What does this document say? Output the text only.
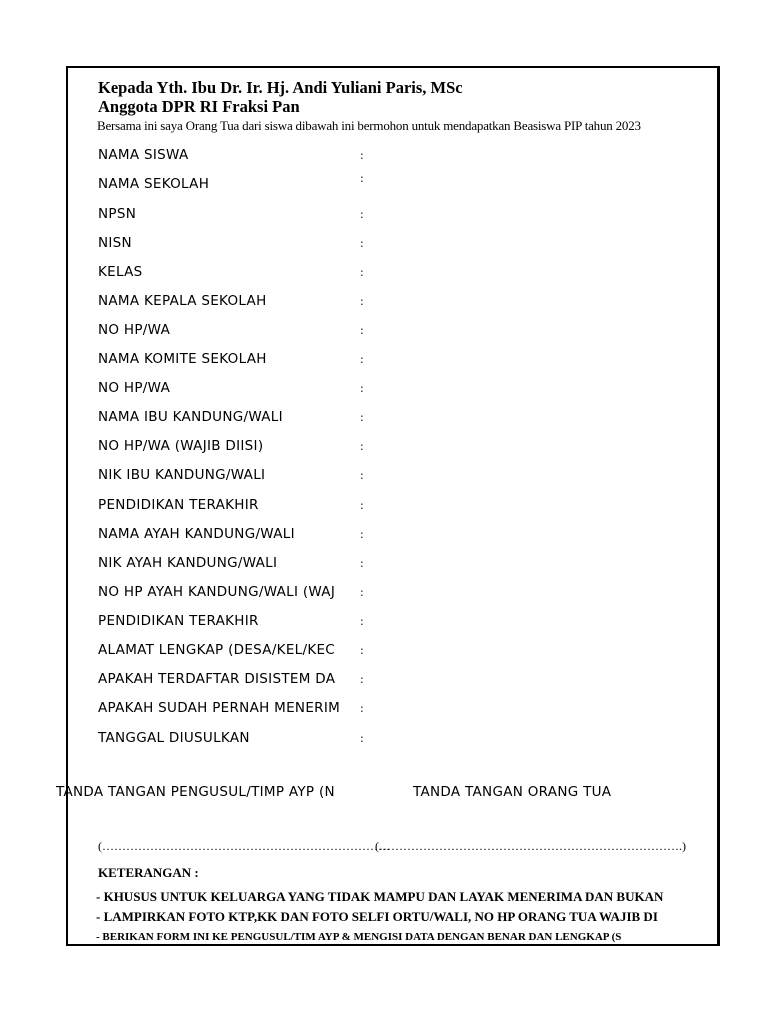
Kepada Yth. Ibu Dr. Ir. Hj. Andi Yuliani Paris, MSc
Anggota DPR RI Fraksi Pan
Bersama ini saya Orang Tua dari siswa dibawah ini bermohon untuk mendapatkan Beasiswa PIP tahun 2023
NAMA SISWA	:
NAMA SEKOLAH	:
NPSN	:
NISN	:
KELAS	:
NAMA KEPALA SEKOLAH	:
NO HP/WA	:
NAMA KOMITE SEKOLAH	:
NO HP/WA	:
NAMA IBU KANDUNG/WALI	:
NO HP/WA (WAJIB DIISI)	:
NIK IBU KANDUNG/WALI	:
PENDIDIKAN TERAKHIR	:
NAMA AYAH KANDUNG/WALI	:
NIK AYAH KANDUNG/WALI	:
NO HP AYAH KANDUNG/WALI (WAJ	:
PENDIDIKAN TERAKHIR	:
ALAMAT LENGKAP (DESA/KEL/KEC	:
APAKAH TERDAFTAR DISISTEM DA	:
APAKAH SUDAH PERNAH MENERIM	:
TANGGAL DIUSULKAN	:
TANDA TANGAN PENGUSUL/TIMP AYP (N	TANDA TANGAN ORANG TUA
(………………………………………………………………
(………………………………………………………………….)
KETERANGAN :
- KHUSUS UNTUK KELUARGA YANG TIDAK MAMPU DAN LAYAK MENERIMA DAN BUKAN
- LAMPIRKAN FOTO KTP,KK DAN FOTO SELFI ORTU/WALI, NO HP ORANG TUA WAJIB DI
- BERIKAN FORM INI KE PENGUSUL/TIM AYP & MENGISI DATA DENGAN BENAR DAN LENGKAP (S
